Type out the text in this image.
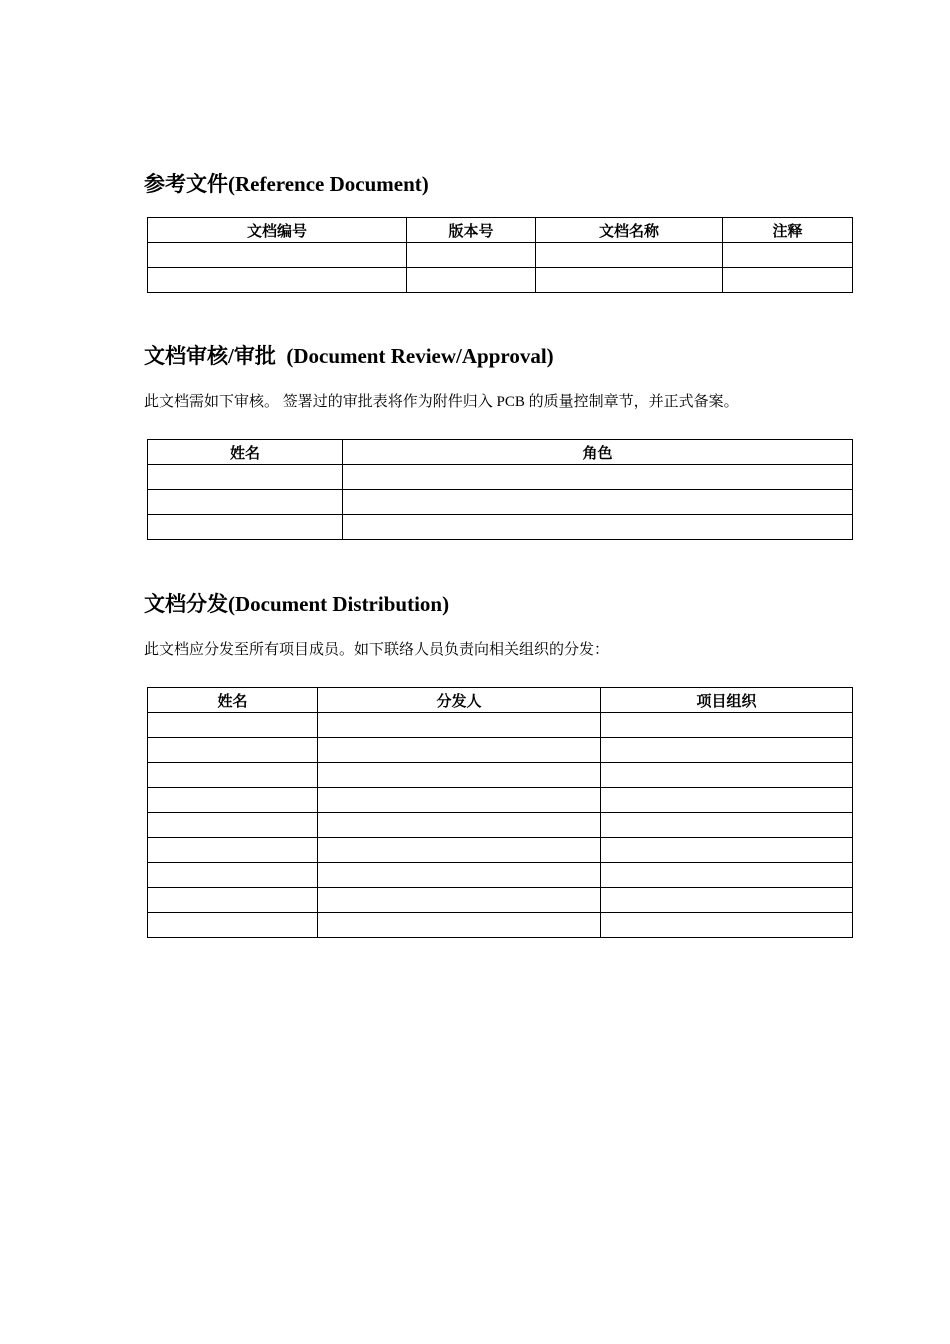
参考文件(Reference Document)
文档编号	版本号	文档名称	注释

文档审核/审批  (Document Review/Approval)

此文档需如下审核。 签署过的审批表将作为附件归入 PCB 的质量控制章节，并正式备案。

姓名	角色

文档分发(Document Distribution)

此文档应分发至所有项目成员。如下联络人员负责向相关组织的分发：

姓名	分发人	项目组织
